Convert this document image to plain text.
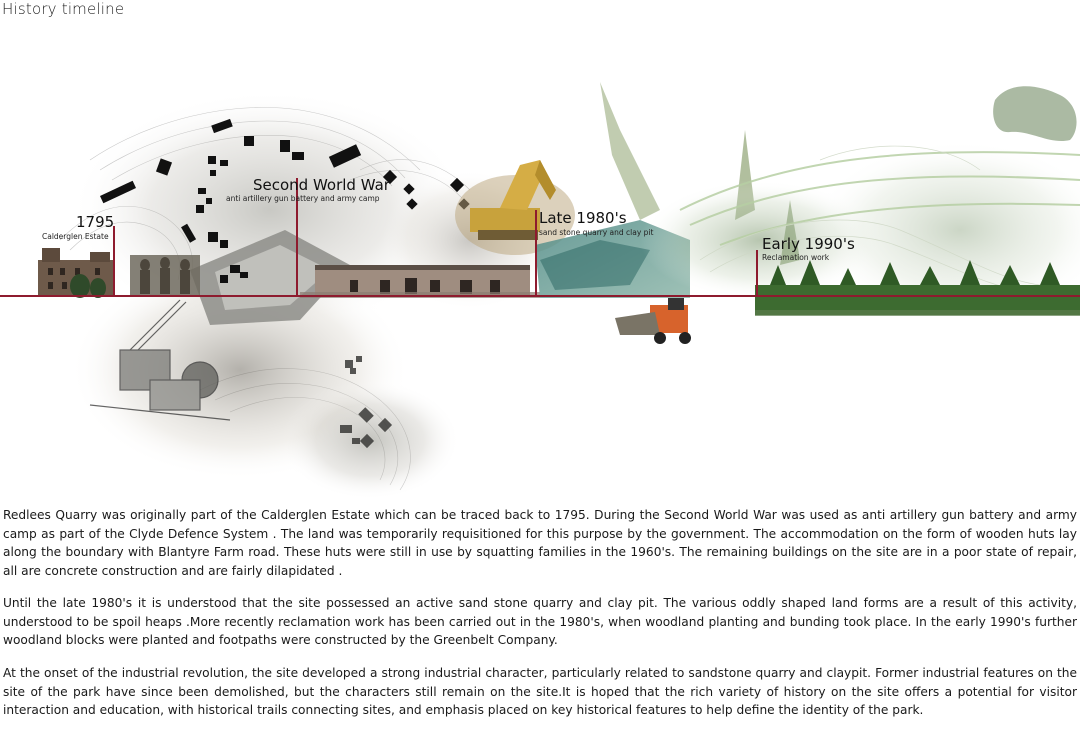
History timeline
1795
Calderglen Estate
Second World War
anti artillery gun battery and army camp
Late 1980's
sand stone quarry and clay pit
Early 1990's
Reclamation work

Redlees Quarry was originally part of the Calderglen Estate which can be traced back to 1795. During the Second World War was used as anti artillery gun battery and army camp as part of the Clyde Defence System . The land was temporarily requisitioned for this purpose by the government. The accommodation on the form of wooden huts lay along the boundary with Blantyre Farm road. These huts were still in use by squatting families in the 1960's. The remaining buildings on the site are in a poor state of repair, all are concrete construction and are fairly dilapidated .

Until the late 1980's it is understood that the site possessed an active sand stone quarry and clay pit. The various oddly shaped land forms are a result of this activity, understood to be spoil heaps .More recently reclamation work has been carried out in the 1980's, when woodland planting and bunding took place. In the early 1990's further woodland blocks were planted and footpaths were constructed by the Greenbelt Company.

At the onset of the industrial revolution, the site developed a strong industrial character, particularly related to sandstone quarry and claypit. Former industrial features on the site of the park have since been demolished, but the characters still remain on the site.It is hoped that the rich variety of history on the site offers a potential for visitor interaction and education, with historical trails connecting sites, and emphasis placed on key historical features to help define the identity of the park.
